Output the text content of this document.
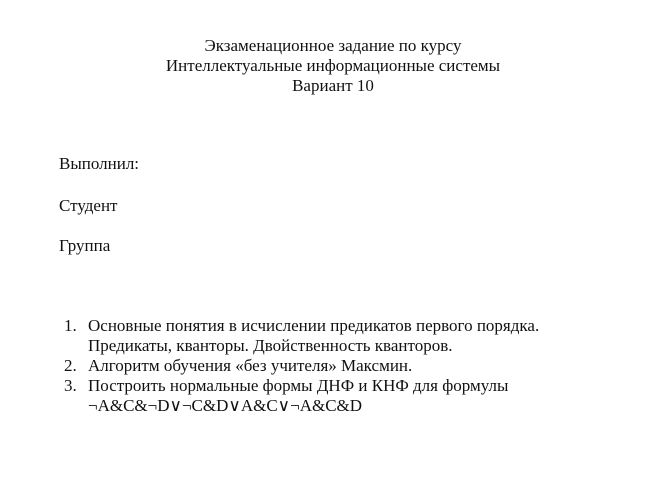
Экзаменационное задание по курсу
Интеллектуальные информационные системы
Вариант 10
Выполнил:
Студент
Группа
1. Основные понятия в исчислении предикатов первого порядка.
Предикаты, кванторы. Двойственность кванторов.
2. Алгоритм обучения «без учителя» Максмин.
3. Построить нормальные формы ДНФ и КНФ для формулы
¬A&C&¬D∨¬C&D∨A&C∨¬A&C&D
